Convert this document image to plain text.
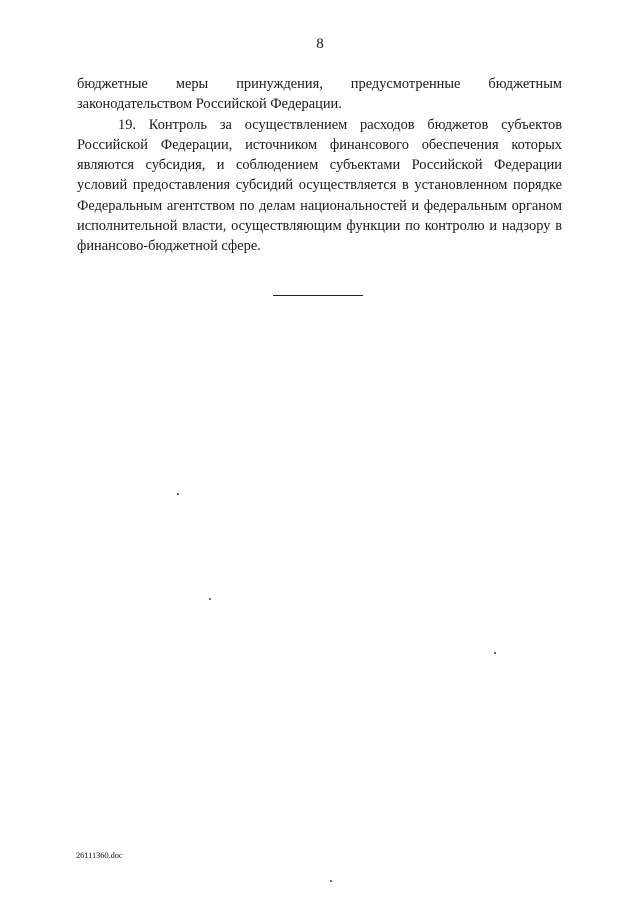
8

бюджетные меры принуждения, предусмотренные бюджетным законодательством Российской Федерации.

19. Контроль за осуществлением расходов бюджетов субъектов Российской Федерации, источником финансового обеспечения которых являются субсидия, и соблюдением субъектами Российской Федерации условий предоставления субсидий осуществляется в установленном порядке Федеральным агентством по делам национальностей и федеральным органом исполнительной власти, осуществляющим функции по контролю и надзору в финансово-бюджетной сфере.

26111360.doc
